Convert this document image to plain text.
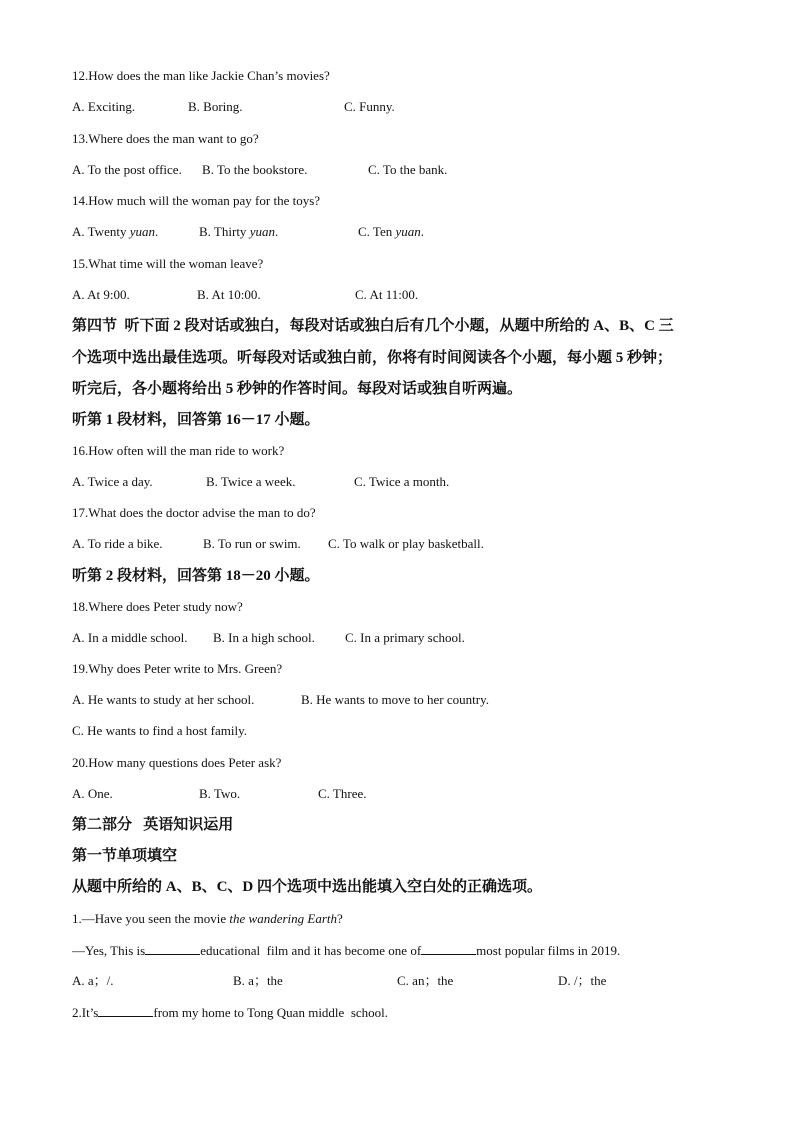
12.How does the man like Jackie Chan’s movies?
A. Exciting.	B. Boring.	C. Funny.
13.Where does the man want to go?
A. To the post office. B. To the bookstore.	C. To the bank.
14.How much will the woman pay for the toys?
A. Twenty yuan.	B. Thirty yuan.	C. Ten yuan.
15.What time will the woman leave?
A. At 9:00.	B. At 10:00.	C. At 11:00.
第四节  听下面 2 段对话或独白，每段对话或独白后有几个小题，从题中所给的 A、B、C 三
个选项中选出最佳选项。听每段对话或独白前，你将有时间阅读各个小题，每小题 5 秒钟；
听完后，各小题将给出 5 秒钟的作答时间。每段对话或独自听两遍。
听第 1 段材料，回答第 16－17 小题。
16.How often will the man ride to work?
A. Twice a day.	B. Twice a week.	C. Twice a month.
17.What does the doctor advise the man to do?
A. To ride a bike.	B. To run or swim. C. To walk or play basketball.
听第 2 段材料，回答第 18－20 小题。
18.Where does Peter study now?
A. In a middle school. B. In a high school. C. In a primary school.
19.Why does Peter write to Mrs. Green?
A. He wants to study at her school.	B. He wants to move to her country.
C. He wants to find a host family.
20.How many questions does Peter ask?
A. One.	B. Two.	C. Three.
第二部分   英语知识运用
第一节单项填空
从题中所给的 A、B、C、D 四个选项中选出能填入空白处的正确选项。
1.—Have you seen the movie the wandering Earth?
—Yes, This is	educational  film and it has become one of	most popular films in 2019.
A. a；/.	B. a；the	C. an；the	D. /；the
2.It’s	from my home to Tong Quan middle  school.
